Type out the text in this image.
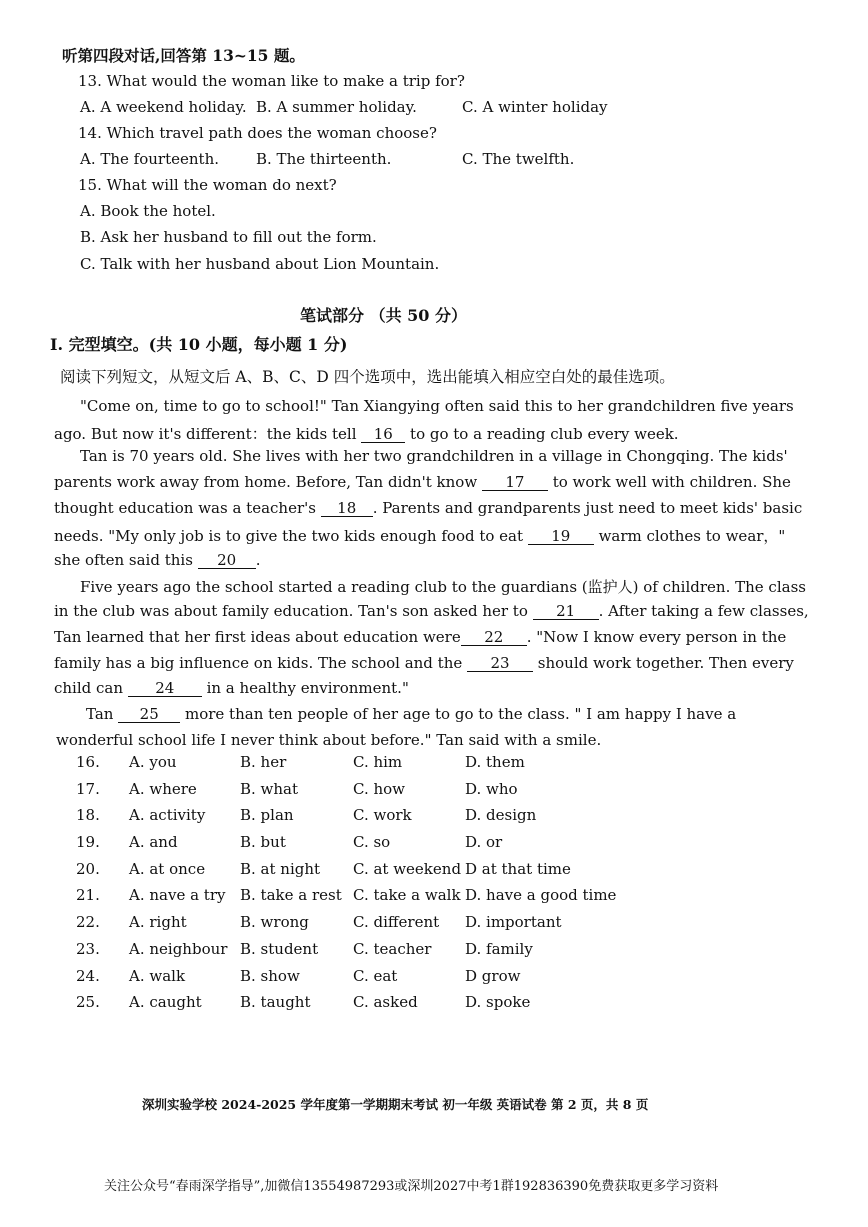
听第四段对话,回答第 13~15 题。
13. What would the woman like to make a trip for?
A. A weekend holiday. B. A summer holiday.	C. A winter holiday
14. Which travel path does the woman choose?
A. The fourteenth. B. The thirteenth.	C. The twelfth.
15. What will the woman do next?
A. Book the hotel.
B. Ask her husband to fill out the form.
C. Talk with her husband about Lion Mountain.
笔试部分 （共 50 分）
I. 完型填空。(共 10 小题，每小题 1 分)
阅读下列短文，从短文后 A、B、C、D 四个选项中，选出能填入相应空白处的最佳选项。
"Come on, time to go to school!" Tan Xiangying often said this to her grandchildren five years
ago. But now it's different：the kids tell 16 to go to a reading club every week.
Tan is 70 years old. She lives with her two grandchildren in a village in Chongqing. The kids'
parents work away from home. Before, Tan didn't know 17 to work well with children. She
thought education was a teacher's 18 . Parents and grandparents just need to meet kids' basic
needs. "My only job is to give the two kids enough food to eat 19 warm clothes to wear，"
she often said this 20 .
Five years ago the school started a reading club to the guardians (监护人) of children. The class
in the club was about family education. Tan's son asked her to 21 . After taking a few classes,
Tan learned that her first ideas about education were 22 . "Now I know every person in the
family has a big influence on kids. The school and the 23 should work together. Then every
child can 24 in a healthy environment."
Tan 25 more than ten people of her age to go to the class. " I am happy I have a
wonderful school life I never think about before." Tan said with a smile.
16. A. you	B. her	C. him	D. them
17. A. where	B. what	C. how	D. who
18. A. activity B. plan	C. work	D. design
19. A. and	B. but	C. so	D. or
20. A. at once B. at night C. at weekend D at that time
21. A. nave a try B. take a rest C. take a walk D. have a good time
22. A. right	B. wrong	C. different D. important
23. A. neighbour B. student C. teacher D. family
24. A. walk	B. show	C. eat	D grow
25. A. caught	B. taught	C. asked	D. spoke
深圳实验学校 2024-2025 学年度第一学期期末考试 初一年级 英语试卷 第 2 页，共 8 页
关注公众号“春雨深学指导”,加微信13554987293或深圳2027中考1群192836390免费获取更多学习资料
